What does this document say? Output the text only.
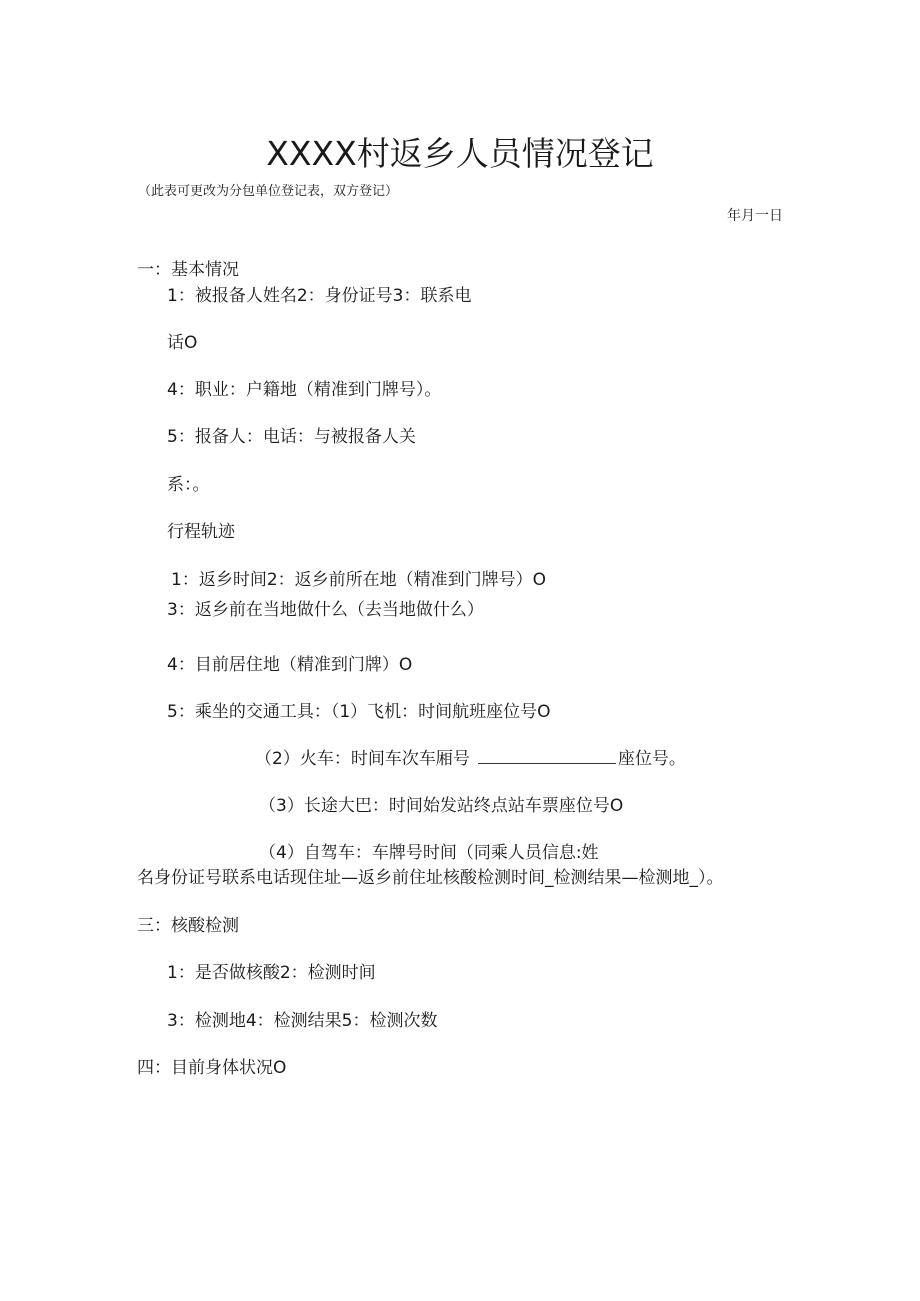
XXXX村返乡人员情况登记
（此表可更改为分包单位登记表，双方登记）
年月一日
一：基本情况
1：被报备人姓名2：身份证号3：联系电
话O
4：职业：户籍地（精准到门牌号）。
5：报备人：电话：与被报备人关
系：。
行程轨迹
1：返乡时间2：返乡前所在地（精准到门牌号）O
3：返乡前在当地做什么（去当地做什么）
4：目前居住地（精准到门牌）O
5：乘坐的交通工具：（1）飞机：时间航班座位号O
（2）火车：时间车次车厢号	座位号。
（3）长途大巴：时间始发站终点站车票座位号O
（4）自驾车：车牌号时间（同乘人员信息:姓
名身份证号联系电话现住址—返乡前住址核酸检测时间_检测结果—检测地_）。
三：核酸检测
1：是否做核酸2：检测时间
3：检测地4：检测结果5：检测次数
四：目前身体状况O
